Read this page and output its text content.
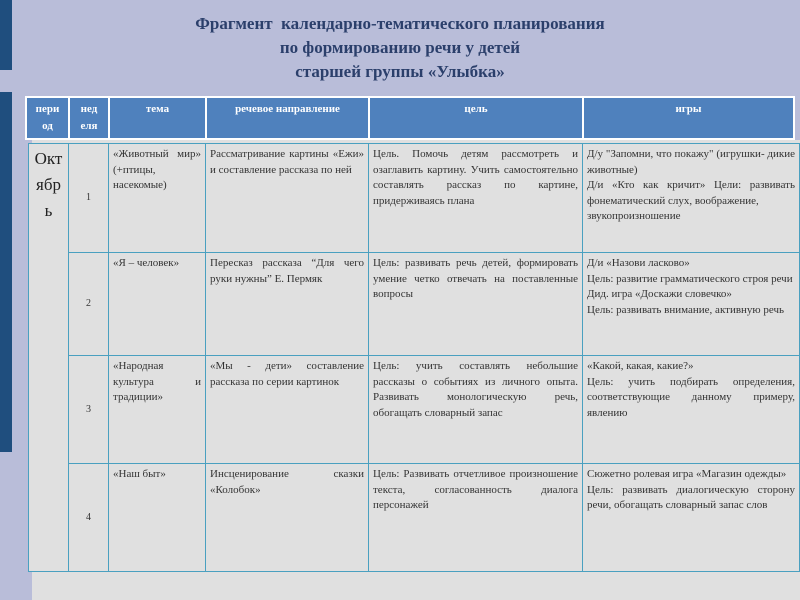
Фрагмент  календарно-тематического планирования
по формированию речи у детей
старшей группы «Улыбка»
пери од	нед еля	тема	речевое направление	цель	игры
Окт ябр ь	1	«Животный мир» (+птицы, насекомые)	Рассматривание картины «Ежи» и составление рассказа по ней	Цель. Помочь детям рассмотреть и озаглавить картину. Учить самостоятельно составлять рассказ по картине, придерживаясь плана	Д/у "Запомни, что покажу" (игрушки- дикие животные)
Д/и «Кто как кричит» Цели: развивать фонематический слух, воображение,
звукопроизношение

	2	«Я – человек»	Пересказ рассказа “Для чего руки нужны” Е. Пермяк	Цель: развивать речь детей, формировать умение четко отвечать на поставленные вопросы	Д/и «Назови ласково»
Цель: развитие грамматического строя речи
Дид. игра «Доскажи словечко»
Цель: развивать внимание, активную речь

	3	«Народная культура и традиции»	«Мы - дети» составление рассказа по серии картинок	Цель: учить составлять небольшие рассказы о событиях из личного опыта. Развивать монологическую речь, обогащать словарный запас	«Какой, какая, какие?»
Цель: учить подбирать определения, соответствующие данному примеру, явлению

	4	«Наш быт»	Инсценирование сказки «Колобок»	Цель: Развивать отчетливое произношение текста, согласованность диалога персонажей	Сюжетно ролевая игра «Магазин одежды»
Цель: развивать диалогическую сторону речи, обогащать словарный запас слов
